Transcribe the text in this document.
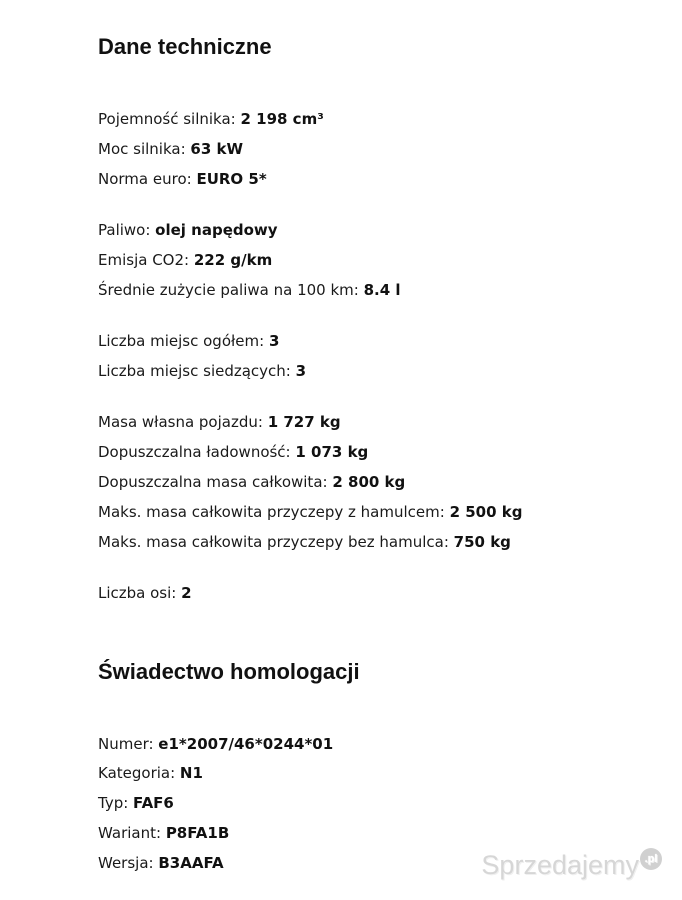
Dane techniczne
Pojemność silnika: 2 198 cm³
Moc silnika: 63 kW
Norma euro: EURO 5*
Paliwo: olej napędowy
Emisja CO2: 222 g/km
Średnie zużycie paliwa na 100 km: 8.4 l
Liczba miejsc ogółem: 3
Liczba miejsc siedzących: 3
Masa własna pojazdu: 1 727 kg
Dopuszczalna ładowność: 1 073 kg
Dopuszczalna masa całkowita: 2 800 kg
Maks. masa całkowita przyczepy z hamulcem: 2 500 kg
Maks. masa całkowita przyczepy bez hamulca: 750 kg
Liczba osi: 2
Świadectwo homologacji
Numer: e1*2007/46*0244*01
Kategoria: N1
Typ: FAF6
Wariant: P8FA1B
Wersja: B3AAFA	Sprzedajemy .pl
